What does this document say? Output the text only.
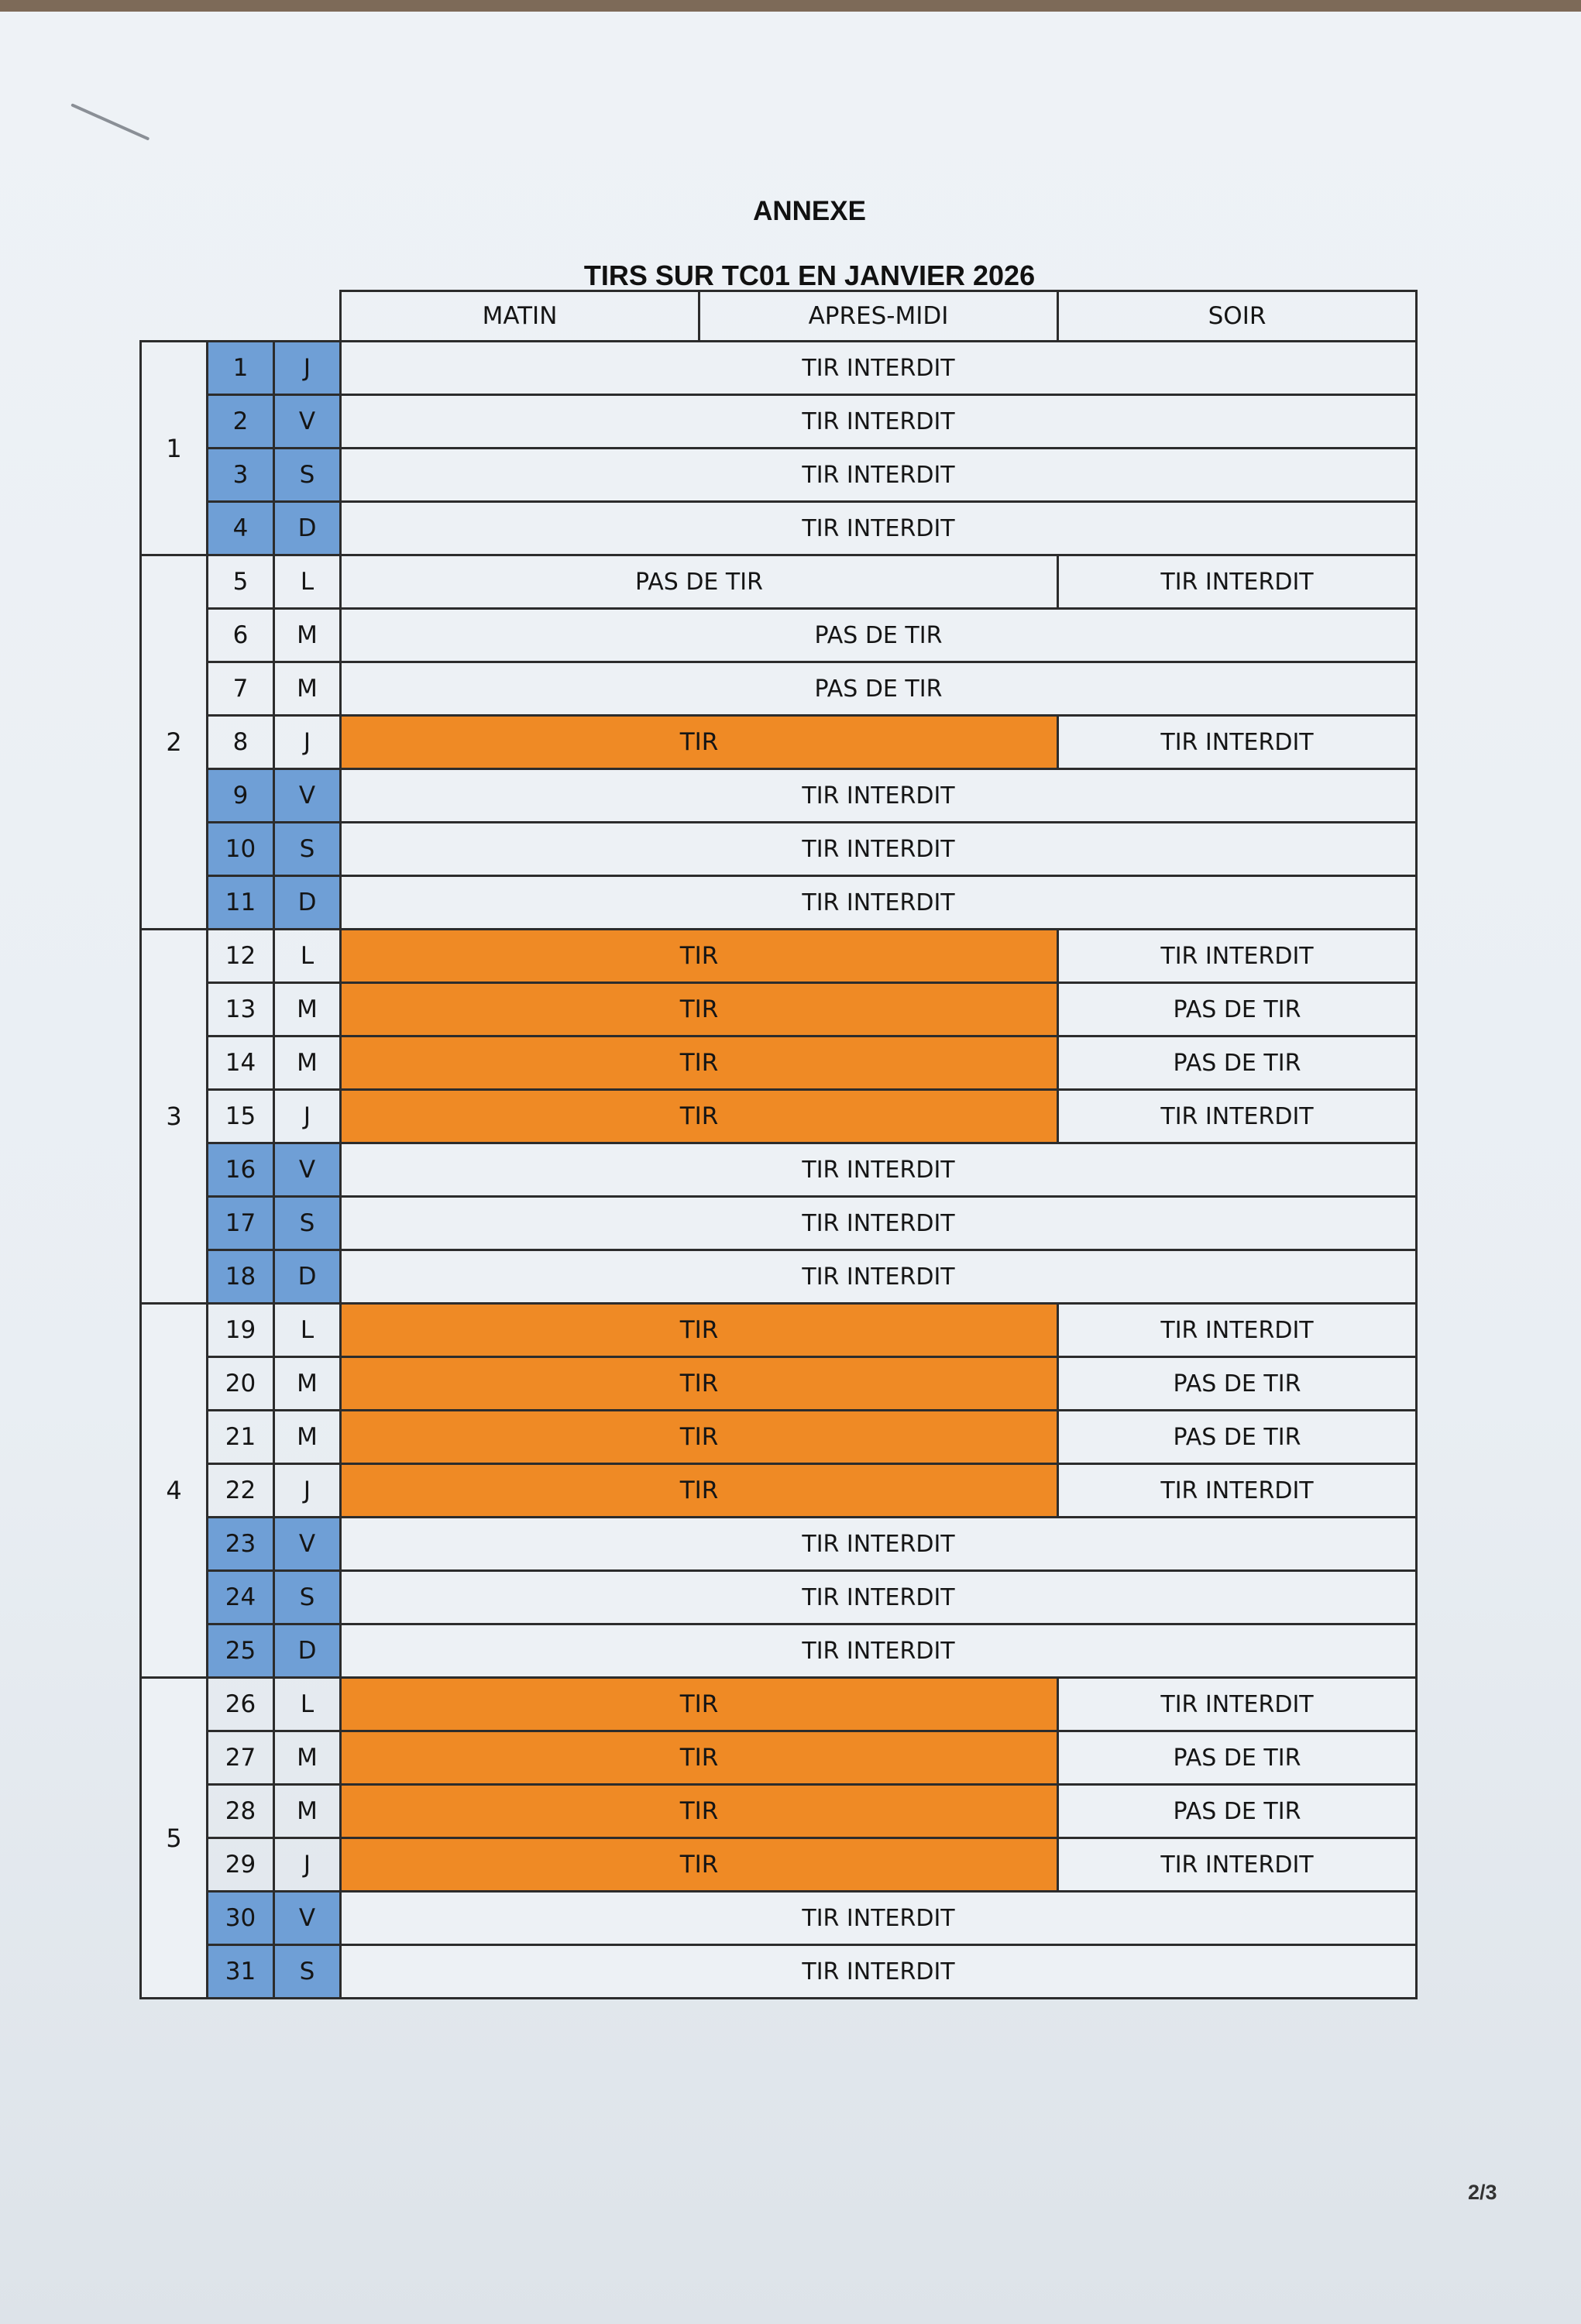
ANNEXE
TIRS SUR TC01 EN JANVIER 2026
2/3
			MATIN	APRES-MIDI	SOIR
1	1	J	TIR INTERDIT		
	2	V	TIR INTERDIT		
	3	S	TIR INTERDIT		
	4	D	TIR INTERDIT		
2	5	L	PAS DE TIR		TIR INTERDIT
	6	M	PAS DE TIR		
	7	M	PAS DE TIR		
	8	J	TIR		TIR INTERDIT
	9	V	TIR INTERDIT		
	10	S	TIR INTERDIT		
	11	D	TIR INTERDIT		
3	12	L	TIR		TIR INTERDIT
	13	M	TIR		PAS DE TIR
	14	M	TIR		PAS DE TIR
	15	J	TIR		TIR INTERDIT
	16	V	TIR INTERDIT		
	17	S	TIR INTERDIT		
	18	D	TIR INTERDIT		
4	19	L	TIR		TIR INTERDIT
	20	M	TIR		PAS DE TIR
	21	M	TIR		PAS DE TIR
	22	J	TIR		TIR INTERDIT
	23	V	TIR INTERDIT		
	24	S	TIR INTERDIT		
	25	D	TIR INTERDIT		
5	26	L	TIR		TIR INTERDIT
	27	M	TIR		PAS DE TIR
	28	M	TIR		PAS DE TIR
	29	J	TIR		TIR INTERDIT
	30	V	TIR INTERDIT		
	31	S	TIR INTERDIT		
